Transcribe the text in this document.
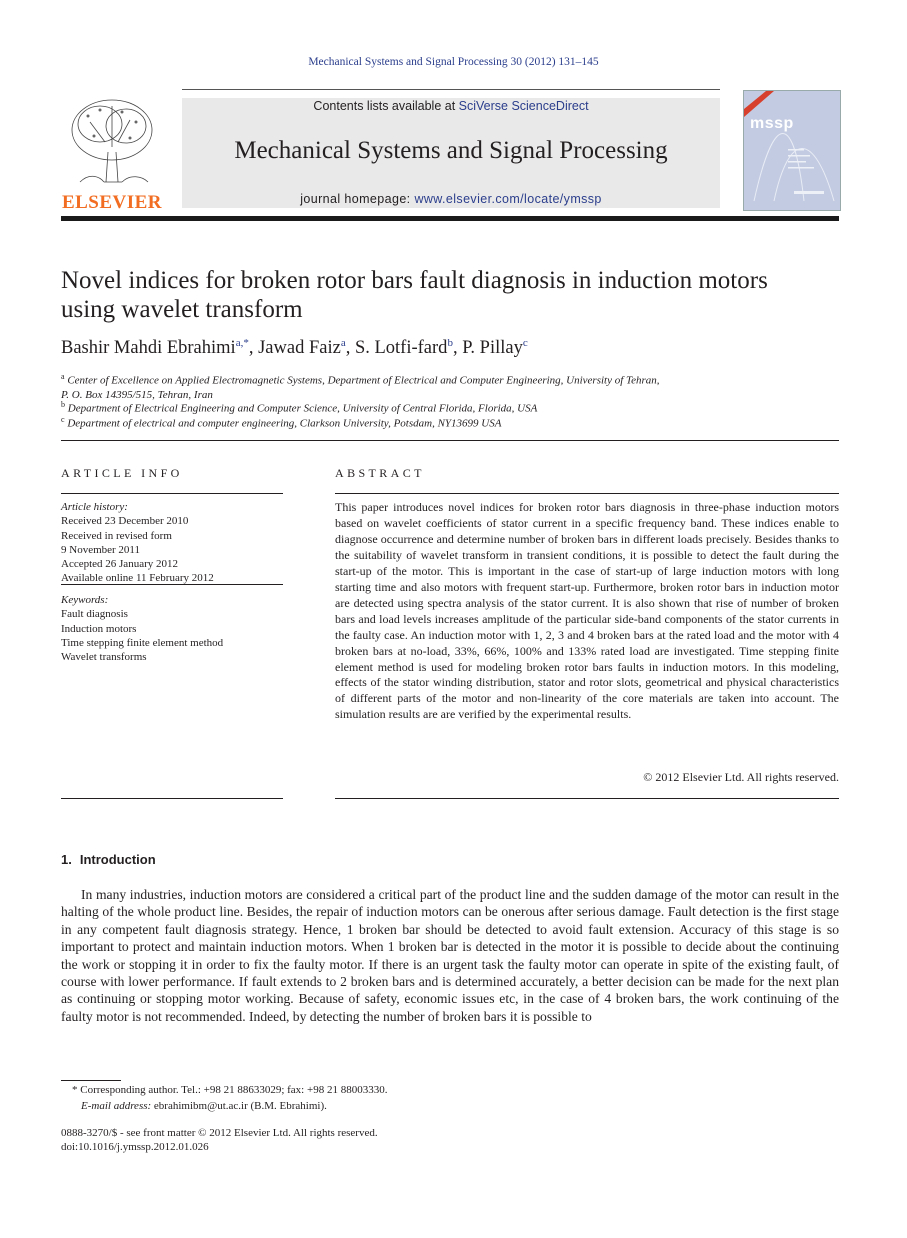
Mechanical Systems and Signal Processing 30 (2012) 131–145
ELSEVIER
Contents lists available at SciVerse ScienceDirect
Mechanical Systems and Signal Processing
journal homepage: www.elsevier.com/locate/ymssp
mssp
Novel indices for broken rotor bars fault diagnosis in induction motors using wavelet transform
Bashir Mahdi Ebrahimi$^{a,*}$, Jawad Faiz$^a$, S. Lotfi-fard$^b$, P. Pillay$^c$
$^a$ Center of Excellence on Applied Electromagnetic Systems, Department of Electrical and Computer Engineering, University of Tehran,
P. O. Box 14395/515, Tehran, Iran
$^b$ Department of Electrical Engineering and Computer Science, University of Central Florida, Florida, USA
$^c$ Department of electrical and computer engineering, Clarkson University, Potsdam, NY13699 USA
ARTICLE INFO
Article history:
Received 23 December 2010
Received in revised form
9 November 2011
Accepted 26 January 2012
Available online 11 February 2012
Keywords:
Fault diagnosis
Induction motors
Time stepping finite element method
Wavelet transforms
ABSTRACT
This paper introduces novel indices for broken rotor bars diagnosis in three-phase induction motors based on wavelet coefficients of stator current in a specific frequency band. These indices enable to diagnose occurrence and determine number of broken bars in different loads precisely. Besides thanks to the suitability of wavelet transform in transient conditions, it is possible to detect the fault during the start-up of the motor. This is important in the case of start-up of large induction motors with long starting time and also motors with frequent start-up. Furthermore, broken rotor bars in induction motor are detected using spectra analysis of the stator current. It is also shown that rise of number of broken bars and load levels increases amplitude of the particular side-band components of the stator currents in the faulty case. An induction motor with 1, 2, 3 and 4 broken bars at the rated load and the motor with 4 broken bars at no-load, 33%, 66%, 100% and 133% rated load are investigated. Time stepping finite element method is used for modeling broken rotor bars faults in induction motors. In this modeling, effects of the stator winding distribution, stator and rotor slots, geometrical and physical characteristics of different parts of the motor and non-linearity of the core materials are taken into account. The simulation results are are verified by the experimental results.
© 2012 Elsevier Ltd. All rights reserved.
1. Introduction
In many industries, induction motors are considered a critical part of the product line and the sudden damage of the motor can result in the halting of the whole product line. Besides, the repair of induction motors can be onerous after serious damage. Fault detection is the first stage in any competent fault diagnosis strategy. Hence, 1 broken bar should be detected to avoid fault extension. Accuracy of this stage is so important to protect and maintain induction motors. When 1 broken bar is detected in the motor it is possible to decide about the continuing the work or stopping it in order to fix the faulty motor. If there is an urgent task the faulty motor can operate in spite of the existing fault, of course with lower performance. If fault extends to 2 broken bars and is determined accurately, a better decision can be made for the next plan as continuing or stopping motor working. Because of safety, economic issues etc, in the case of 4 broken bars, the work continuing of the faulty motor is not recommended. Indeed, by detecting the number of broken bars it is possible to
* Corresponding author. Tel.: +98 21 88633029; fax: +98 21 88003330.
E-mail address: ebrahimibm@ut.ac.ir (B.M. Ebrahimi).
0888-3270/$ - see front matter © 2012 Elsevier Ltd. All rights reserved.
doi:10.1016/j.ymssp.2012.01.026
